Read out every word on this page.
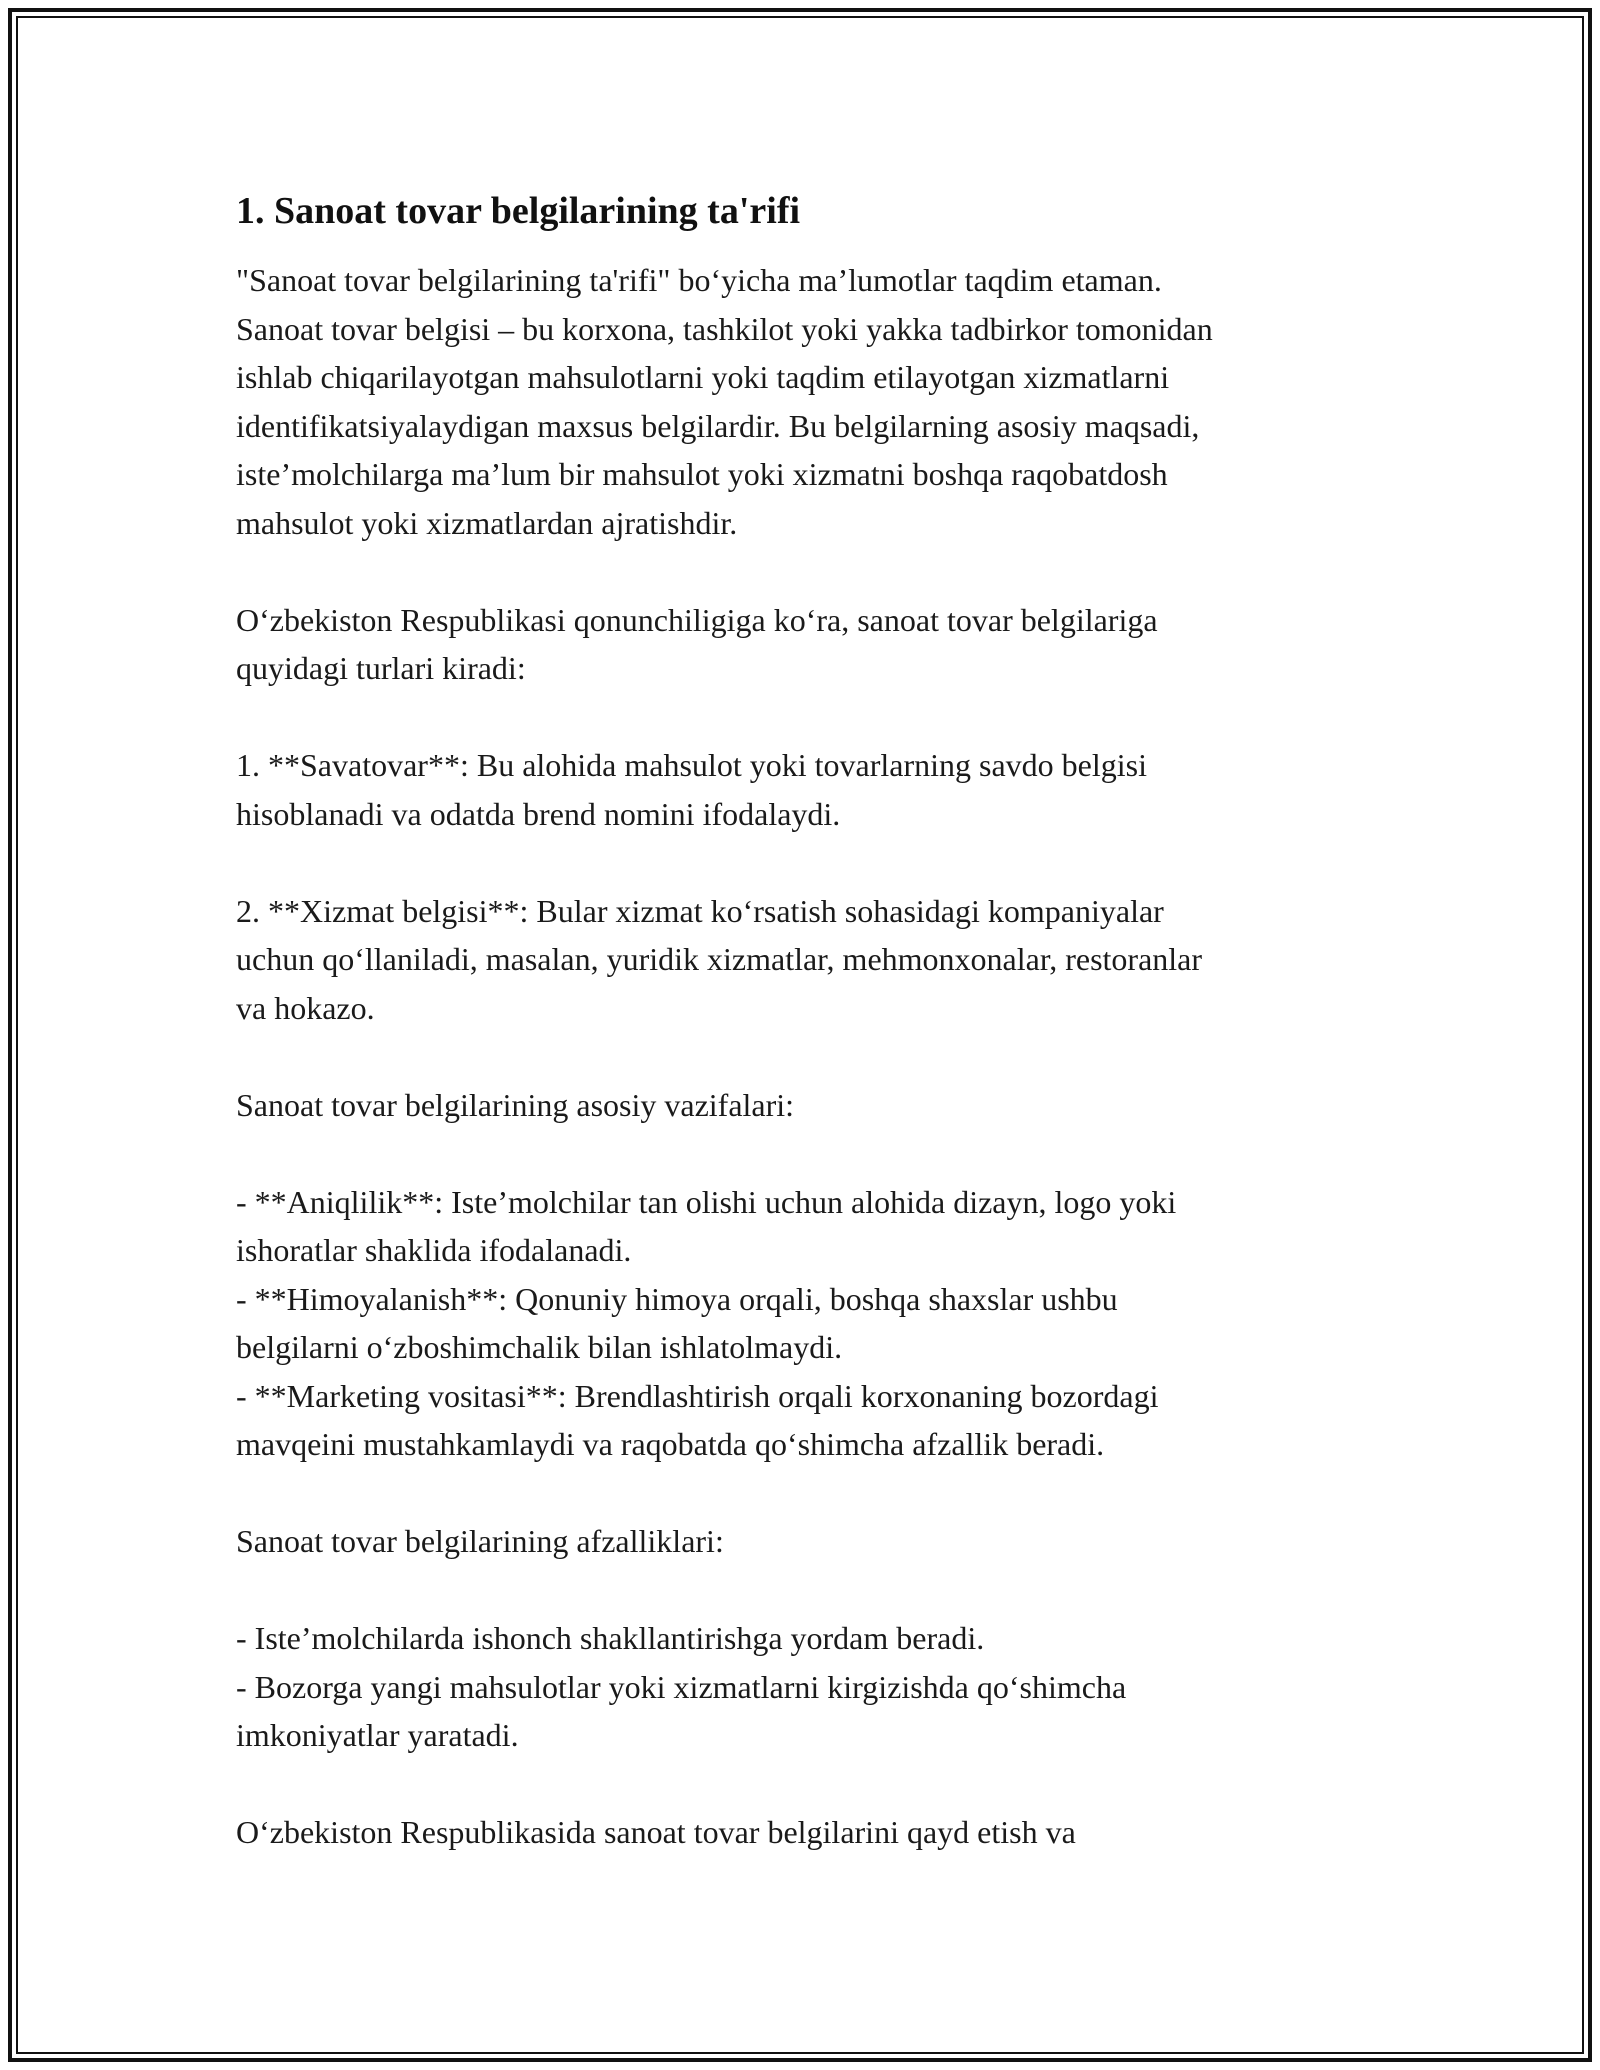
1. Sanoat tovar belgilarining ta'rifi

"Sanoat tovar belgilarining ta'rifi" bo‘yicha ma’lumotlar taqdim etaman.
Sanoat tovar belgisi – bu korxona, tashkilot yoki yakka tadbirkor tomonidan
ishlab chiqarilayotgan mahsulotlarni yoki taqdim etilayotgan xizmatlarni
identifikatsiyalaydigan maxsus belgilardir. Bu belgilarning asosiy maqsadi,
iste’molchilarga ma’lum bir mahsulot yoki xizmatni boshqa raqobatdosh
mahsulot yoki xizmatlardan ajratishdir.

O‘zbekiston Respublikasi qonunchiligiga ko‘ra, sanoat tovar belgilariga
quyidagi turlari kiradi:

1. **Savatovar**: Bu alohida mahsulot yoki tovarlarning savdo belgisi
hisoblanadi va odatda brend nomini ifodalaydi.

2. **Xizmat belgisi**: Bular xizmat ko‘rsatish sohasidagi kompaniyalar
uchun qo‘llaniladi, masalan, yuridik xizmatlar, mehmonxonalar, restoranlar
va hokazo.

Sanoat tovar belgilarining asosiy vazifalari:

- **Aniqlilik**: Iste’molchilar tan olishi uchun alohida dizayn, logo yoki
ishoratlar shaklida ifodalanadi.
- **Himoyalanish**: Qonuniy himoya orqali, boshqa shaxslar ushbu
belgilarni o‘zboshimchalik bilan ishlatolmaydi.
- **Marketing vositasi**: Brendlashtirish orqali korxonaning bozordagi
mavqeini mustahkamlaydi va raqobatda qo‘shimcha afzallik beradi.

Sanoat tovar belgilarining afzalliklari:

- Iste’molchilarda ishonch shakllantirishga yordam beradi.
- Bozorga yangi mahsulotlar yoki xizmatlarni kirgizishda qo‘shimcha
imkoniyatlar yaratadi.

O‘zbekiston Respublikasida sanoat tovar belgilarini qayd etish va
